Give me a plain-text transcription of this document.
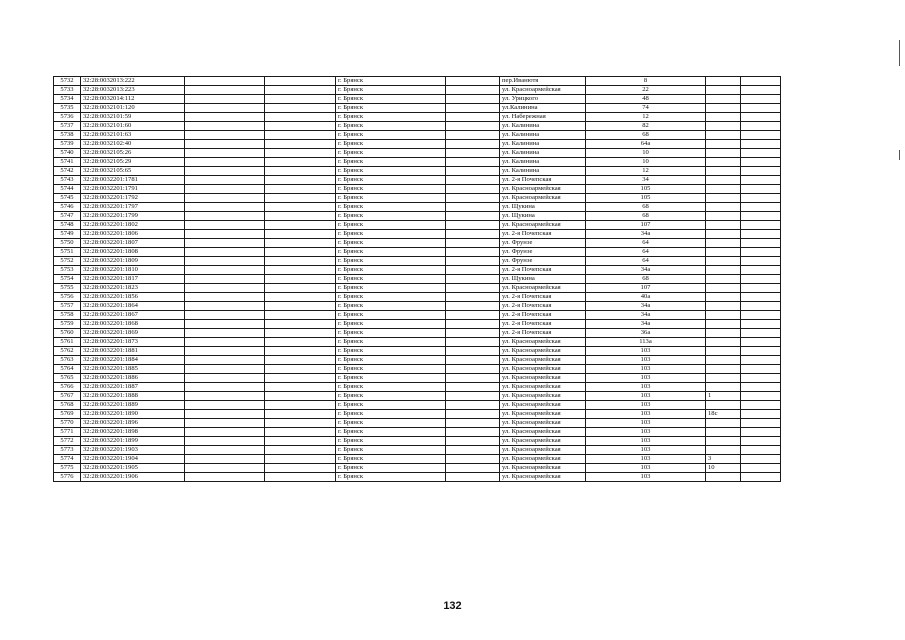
5732	32:28:0032013:222			г. Брянск		пер.Иванютя	8		
5733	32:28:0032013:223			г. Брянск		ул. Красноармейская	22		
5734	32:28:0032014:112			г. Брянск		ул. Урицкого	48		
5735	32:28:0032101:120			г. Брянск		ул.Калинина	74		
5736	32:28:0032101:59			г. Брянск		ул. Набережная	12		
5737	32:28:0032101:60			г. Брянск		ул. Калинина	82		
5738	32:28:0032101:63			г. Брянск		ул. Калинина	68		
5739	32:28:0032102:40			г. Брянск		ул. Калинина	64а		
5740	32:28:0032105:26			г. Брянск		ул. Калинина	10		
5741	32:28:0032105:29			г. Брянск		ул. Калинина	10		
5742	32:28:0032105:65			г. Брянск		ул. Калинина	12		
5743	32:28:0032201:1781			г. Брянск		ул. 2-я Почепская	34		
5744	32:28:0032201:1791			г. Брянск		ул. Красноармейская	105		
5745	32:28:0032201:1792			г. Брянск		ул. Красноармейская	105		
5746	32:28:0032201:1797			г. Брянск		ул. Щукина	68		
5747	32:28:0032201:1799			г. Брянск		ул. Щукина	68		
5748	32:28:0032201:1802			г. Брянск		ул. Красноармейская	107		
5749	32:28:0032201:1806			г. Брянск		ул. 2-я Почепская	34а		
5750	32:28:0032201:1807			г. Брянск		ул. Фрунзе	64		
5751	32:28:0032201:1808			г. Брянск		ул. Фрунзе	64		
5752	32:28:0032201:1809			г. Брянск		ул. Фрунзе	64		
5753	32:28:0032201:1810			г. Брянск		ул. 2-я Почепская	34а		
5754	32:28:0032201:1817			г. Брянск		ул. Щукина	68		
5755	32:28:0032201:1823			г. Брянск		ул. Красноармейская	107		
5756	32:28:0032201:1856			г. Брянск		ул. 2-я Почепская	40а		
5757	32:28:0032201:1864			г. Брянск		ул. 2-я Почепская	34а		
5758	32:28:0032201:1867			г. Брянск		ул. 2-я Почепская	34а		
5759	32:28:0032201:1868			г. Брянск		ул. 2-я Почепская	34а		
5760	32:28:0032201:1869			г. Брянск		ул. 2-я Почепская	36а		
5761	32:28:0032201:1873			г. Брянск		ул. Красноармейская	113а		
5762	32:28:0032201:1881			г. Брянск		ул. Красноармейская	103		
5763	32:28:0032201:1884			г. Брянск		ул. Красноармейская	103		
5764	32:28:0032201:1885			г. Брянск		ул. Красноармейская	103		
5765	32:28:0032201:1886			г. Брянск		ул. Красноармейская	103		
5766	32:28:0032201:1887			г. Брянск		ул. Красноармейская	103		
5767	32:28:0032201:1888			г. Брянск		ул. Красноармейская	103	1	
5768	32:28:0032201:1889			г. Брянск		ул. Красноармейская	103		
5769	32:28:0032201:1890			г. Брянск		ул. Красноармейская	103	18с	
5770	32:28:0032201:1896			г. Брянск		ул. Красноармейская	103		
5771	32:28:0032201:1898			г. Брянск		ул. Красноармейская	103		
5772	32:28:0032201:1899			г. Брянск		ул. Красноармейская	103		
5773	32:28:0032201:1903			г. Брянск		ул. Красноармейская	103		
5774	32:28:0032201:1904			г. Брянск		ул. Красноармейская	103	3	
5775	32:28:0032201:1905			г. Брянск		ул. Красноармейская	103	10	
5776	32:28:0032201:1906			г. Брянск		ул. Красноармейская	103		
132
